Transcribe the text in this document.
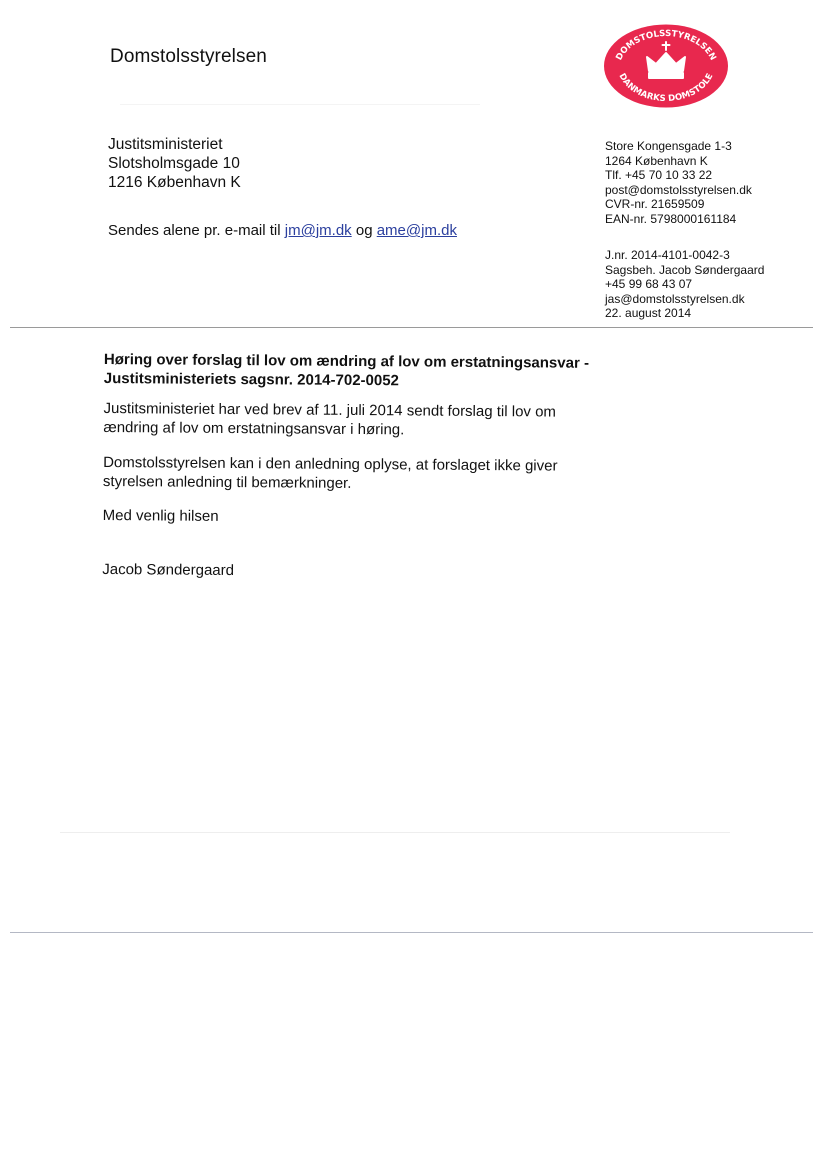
Domstolsstyrelsen	DOMSTOLSSTYRELSEN
DANMARKS DOMSTOLE
Justitsministeriet
Slotsholmsgade 10
1216 København K
Sendes alene pr. e-mail til jm@jm.dk og ame@jm.dk
Store Kongensgade 1-3
1264 København K
Tlf. +45 70 10 33 22
post@domstolsstyrelsen.dk
CVR-nr. 21659509
EAN-nr. 5798000161184
J.nr. 2014-4101-0042-3
Sagsbeh. Jacob Søndergaard
+45 99 68 43 07
jas@domstolsstyrelsen.dk
22. august 2014

Høring over forslag til lov om ændring af lov om erstatningsansvar -
Justitsministeriets sagsnr. 2014-702-0052

Justitsministeriet har ved brev af 11. juli 2014 sendt forslag til lov om
ændring af lov om erstatningsansvar i høring.

Domstolsstyrelsen kan i den anledning oplyse, at forslaget ikke giver
styrelsen anledning til bemærkninger.

Med venlig hilsen

Jacob Søndergaard
